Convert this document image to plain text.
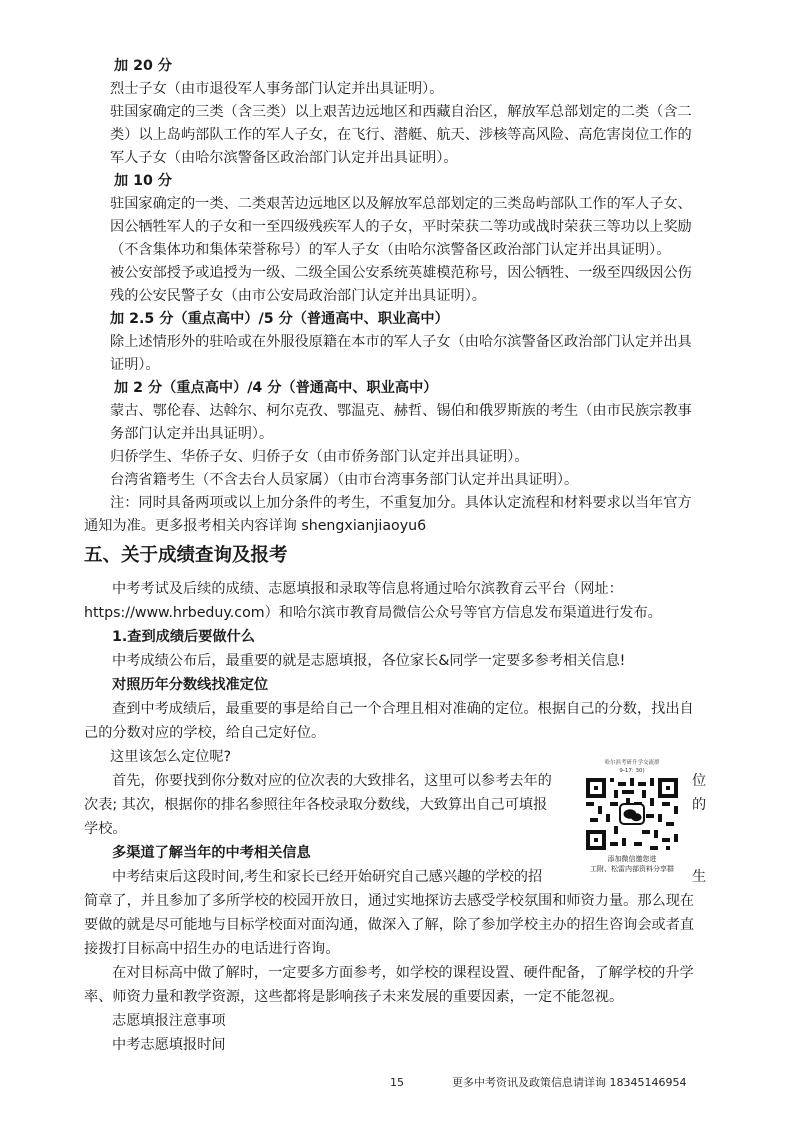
加 20 分
烈士子女（由市退役军人事务部门认定并出具证明）。
驻国家确定的三类（含三类）以上艰苦边远地区和西藏自治区，解放军总部划定的二类（含二
类）以上岛屿部队工作的军人子女，在飞行、潜艇、航天、涉核等高风险、高危害岗位工作的
军人子女（由哈尔滨警备区政治部门认定并出具证明）。
加 10 分
驻国家确定的一类、二类艰苦边远地区以及解放军总部划定的三类岛屿部队工作的军人子女、
因公牺牲军人的子女和一至四级残疾军人的子女，平时荣获二等功或战时荣获三等功以上奖励
（不含集体功和集体荣誉称号）的军人子女（由哈尔滨警备区政治部门认定并出具证明）。
被公安部授予或追授为一级、二级全国公安系统英雄模范称号，因公牺牲、一级至四级因公伤
残的公安民警子女（由市公安局政治部门认定并出具证明）。
加 2.5 分（重点高中）/5 分（普通高中、职业高中）
除上述情形外的驻哈或在外服役原籍在本市的军人子女（由哈尔滨警备区政治部门认定并出具
证明）。
加 2 分（重点高中）/4 分（普通高中、职业高中）
蒙古、鄂伦春、达斡尔、柯尔克孜、鄂温克、赫哲、锡伯和俄罗斯族的考生（由市民族宗教事
务部门认定并出具证明）。
归侨学生、华侨子女、归侨子女（由市侨务部门认定并出具证明）。
台湾省籍考生（不含去台人员家属）（由市台湾事务部门认定并出具证明）。
注：同时具备两项或以上加分条件的考生，不重复加分。具体认定流程和材料要求以当年官方
通知为准。更多报考相关内容详询 shengxianjiaoyu6
五、关于成绩查询及报考
中考考试及后续的成绩、志愿填报和录取等信息将通过哈尔滨教育云平台（网址：
https://www.hrbeduy.com）和哈尔滨市教育局微信公众号等官方信息发布渠道进行发布。
1.查到成绩后要做什么
中考成绩公布后，最重要的就是志愿填报，各位家长&同学一定要多参考相关信息!
对照历年分数线找准定位
查到中考成绩后，最重要的事是给自己一个合理且相对准确的定位。根据自己的分数，找出自
己的分数对应的学校，给自己定好位。
这里该怎么定位呢?
首先，你要找到你分数对应的位次表的大致排名，这里可以参考去年的	位
次表; 其次，根据你的排名参照往年各校录取分数线，大致算出自己可填报	的
学校。
多渠道了解当年的中考相关信息
中考结束后这段时间,考生和家长已经开始研究自己感兴趣的学校的招	生
简章了，并且参加了多所学校的校园开放日，通过实地探访去感受学校氛围和师资力量。那么现在
要做的就是尽可能地与目标学校面对面沟通，做深入了解，除了参加学校主办的招生咨询会或者直
接拨打目标高中招生办的电话进行咨询。
在对目标高中做了解时，一定要多方面参考，如学校的课程设置、硬件配备，了解学校的升学
率、师资力量和教学资源，这些都将是影响孩子未来发展的重要因素，一定不能忽视。
志愿填报注意事项
中考志愿填报时间
哈尔滨考研升学交流群
9-17: 30)
添加微信邀您进
工附、松雷内部资料分享群
15	更多中考资讯及政策信息请详询 18345146954
